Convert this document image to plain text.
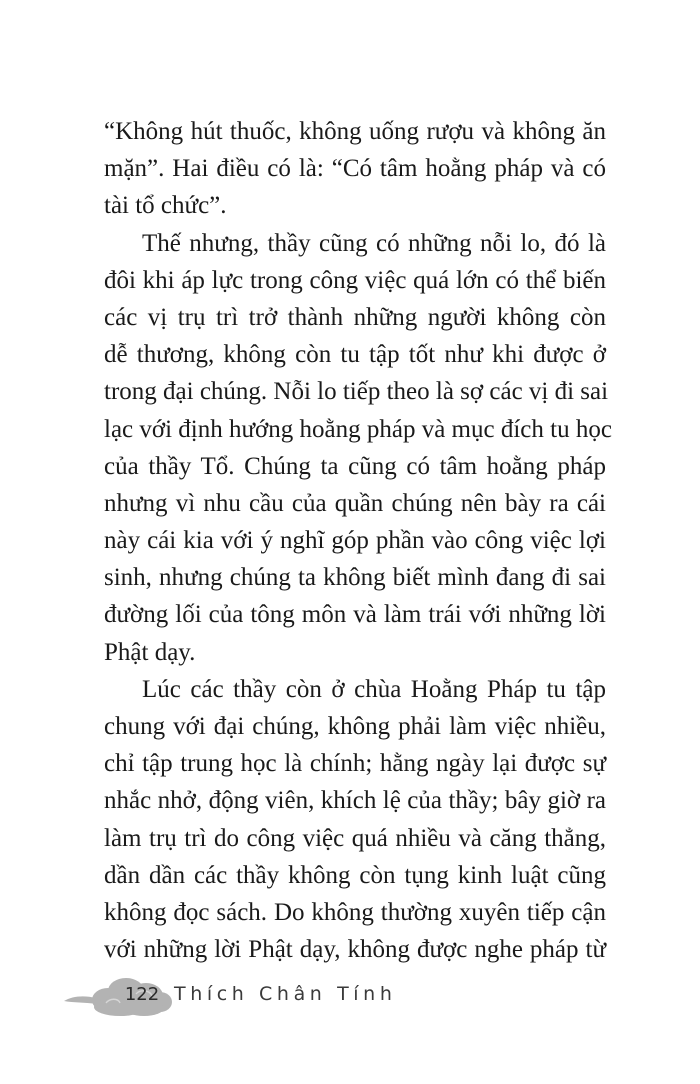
“Không hút thuốc, không uống rượu và không ăn
mặn”. Hai điều có là: “Có tâm hoằng pháp và có
tài tổ chức”.
Thế nhưng, thầy cũng có những nỗi lo, đó là
đôi khi áp lực trong công việc quá lớn có thể biến
các vị trụ trì trở thành những người không còn
dễ thương, không còn tu tập tốt như khi được ở
trong đại chúng. Nỗi lo tiếp theo là sợ các vị đi sai
lạc với định hướng hoằng pháp và mục đích tu học
của thầy Tổ. Chúng ta cũng có tâm hoằng pháp
nhưng vì nhu cầu của quần chúng nên bày ra cái
này cái kia với ý nghĩ góp phần vào công việc lợi
sinh, nhưng chúng ta không biết mình đang đi sai
đường lối của tông môn và làm trái với những lời
Phật dạy.
Lúc các thầy còn ở chùa Hoằng Pháp tu tập
chung với đại chúng, không phải làm việc nhiều,
chỉ tập trung học là chính; hằng ngày lại được sự
nhắc nhở, động viên, khích lệ của thầy; bây giờ ra
làm trụ trì do công việc quá nhiều và căng thẳng,
dần dần các thầy không còn tụng kinh luật cũng
không đọc sách. Do không thường xuyên tiếp cận
với những lời Phật dạy, không được nghe pháp từ
122 Thích Chân Tính
